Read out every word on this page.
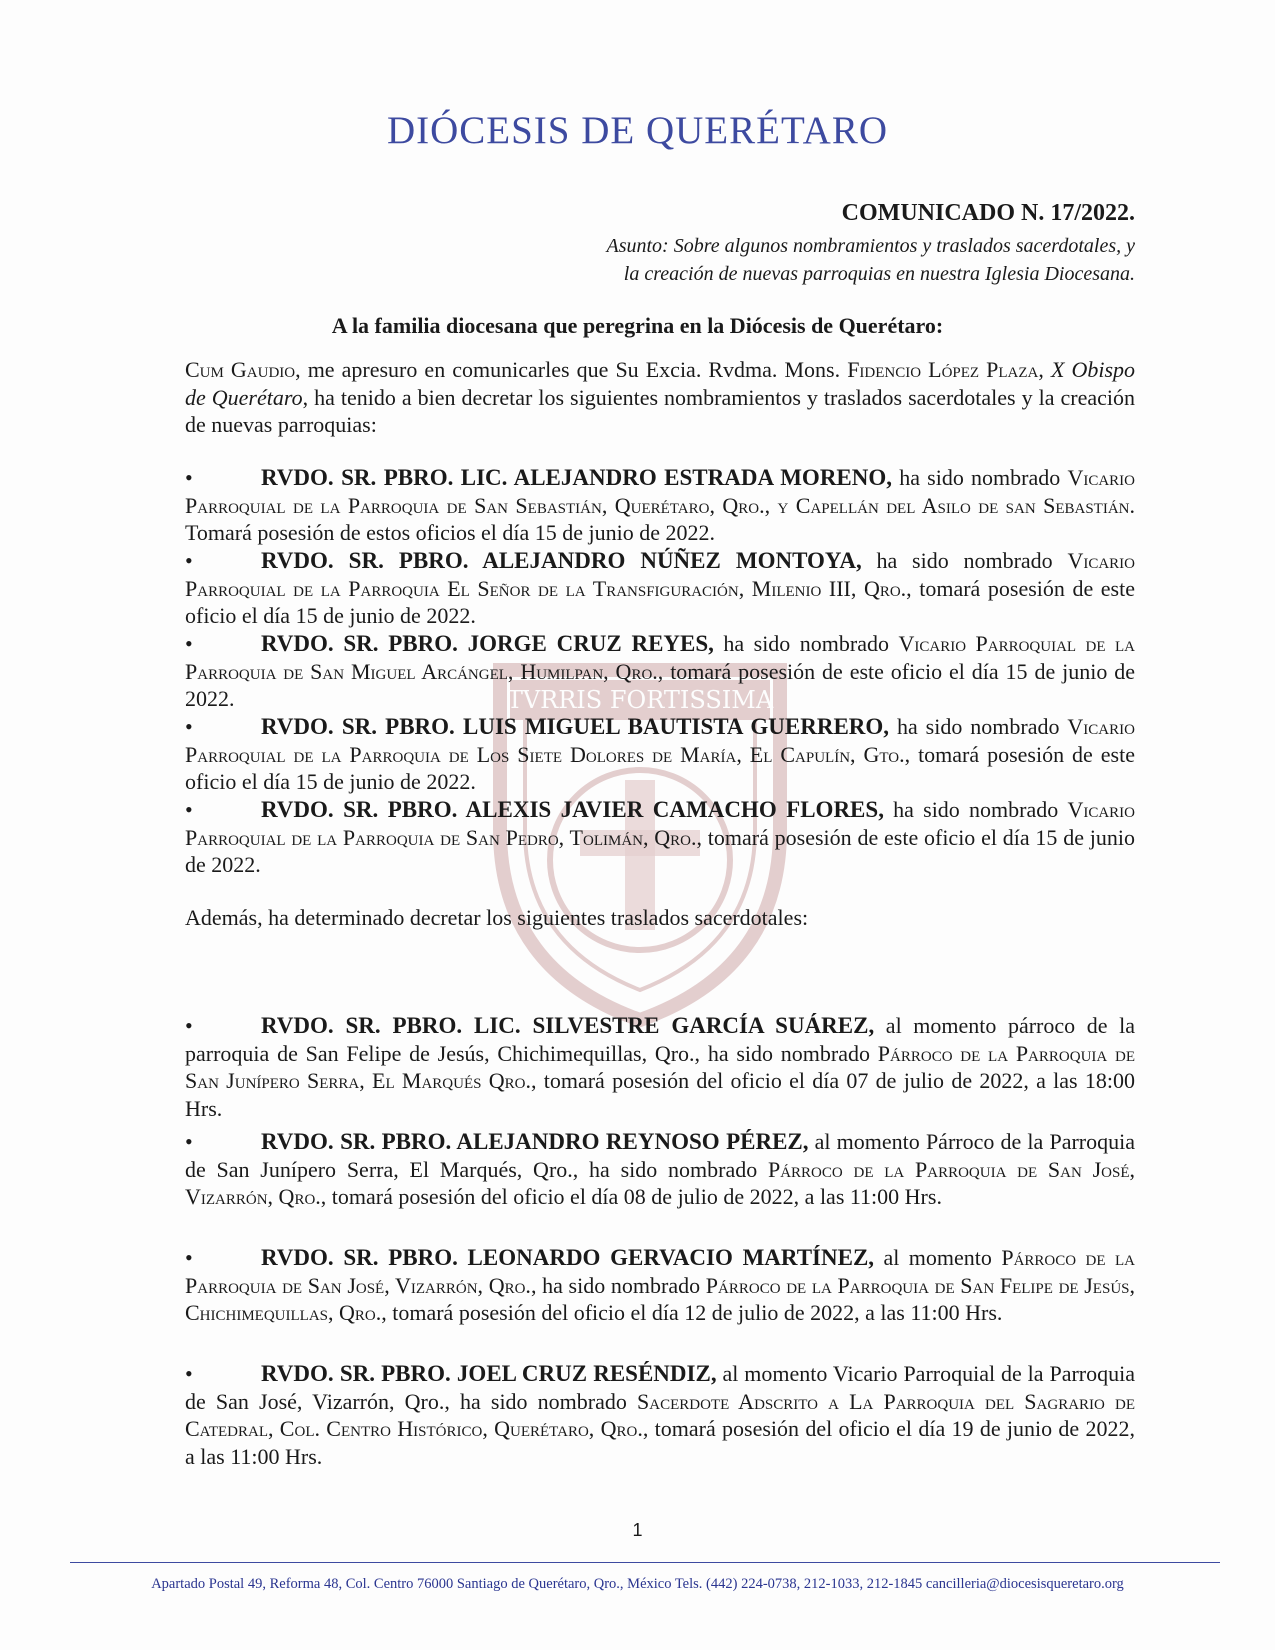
TVRRIS FORTISSIMA
DIÓCESIS DE QUERÉTARO
COMUNICADO N. 17/2022.
Asunto: Sobre algunos nombramientos y traslados sacerdotales, y
la creación de nuevas parroquias en nuestra Iglesia Diocesana.
A la familia diocesana que peregrina en la Diócesis de Querétaro:
Cum Gaudio, me apresuro en comunicarles que Su Excia. Rvdma. Mons. Fidencio López Plaza, X Obispo de Querétaro, ha tenido a bien decretar los siguientes nombramientos y traslados sacerdotales y la creación de nuevas parroquias:
•	RVDO. SR. PBRO. LIC. ALEJANDRO ESTRADA MORENO, ha sido nombrado Vicario Parroquial de la Parroquia de San Sebastián, Querétaro, Qro., y Capellán del Asilo de san Sebastián. Tomará posesión de estos oficios el día 15 de junio de 2022.
•	RVDO. SR. PBRO. ALEJANDRO NÚÑEZ MONTOYA, ha sido nombrado Vicario Parroquial de la Parroquia El Señor de la Transfiguración, Milenio III, Qro., tomará posesión de este oficio el día 15 de junio de 2022.
•	RVDO. SR. PBRO. JORGE CRUZ REYES, ha sido nombrado Vicario Parroquial de la Parroquia de San Miguel Arcángel, Humilpan, Qro., tomará posesión de este oficio el día 15 de junio de 2022.
•	RVDO. SR. PBRO. LUIS MIGUEL BAUTISTA GUERRERO, ha sido nombrado Vicario Parroquial de la Parroquia de Los Siete Dolores de María, El Capulín, Gto., tomará posesión de este oficio el día 15 de junio de 2022.
•	RVDO. SR. PBRO. ALEXIS JAVIER CAMACHO FLORES, ha sido nombrado Vicario Parroquial de la Parroquia de San Pedro, Tolimán, Qro., tomará posesión de este oficio el día 15 de junio de 2022.
Además, ha determinado decretar los siguientes traslados sacerdotales:
•	RVDO. SR. PBRO. LIC. SILVESTRE GARCÍA SUÁREZ, al momento párroco de la parroquia de San Felipe de Jesús, Chichimequillas, Qro., ha sido nombrado Párroco de la Parroquia de San Junípero Serra, El Marqués Qro., tomará posesión del oficio el día 07 de julio de 2022, a las 18:00 Hrs.
•	RVDO. SR. PBRO. ALEJANDRO REYNOSO PÉREZ, al momento Párroco de la Parroquia de San Junípero Serra, El Marqués, Qro., ha sido nombrado Párroco de la Parroquia de San José, Vizarrón, Qro., tomará posesión del oficio el día 08 de julio de 2022, a las 11:00 Hrs.
•	RVDO. SR. PBRO. LEONARDO GERVACIO MARTÍNEZ, al momento Párroco de la Parroquia de San José, Vizarrón, Qro., ha sido nombrado Párroco de la Parroquia de San Felipe de Jesús, Chichimequillas, Qro., tomará posesión del oficio el día 12 de julio de 2022, a las 11:00 Hrs.
•	RVDO. SR. PBRO. JOEL CRUZ RESÉNDIZ, al momento Vicario Parroquial de la Parroquia de San José, Vizarrón, Qro., ha sido nombrado Sacerdote Adscrito a La Parroquia del Sagrario de Catedral, Col. Centro Histórico, Querétaro, Qro., tomará posesión del oficio el día 19 de junio de 2022, a las 11:00 Hrs.
1
Apartado Postal 49, Reforma 48, Col. Centro 76000 Santiago de Querétaro, Qro., México Tels. (442) 224-0738, 212-1033, 212-1845 cancilleria@diocesisqueretaro.org
